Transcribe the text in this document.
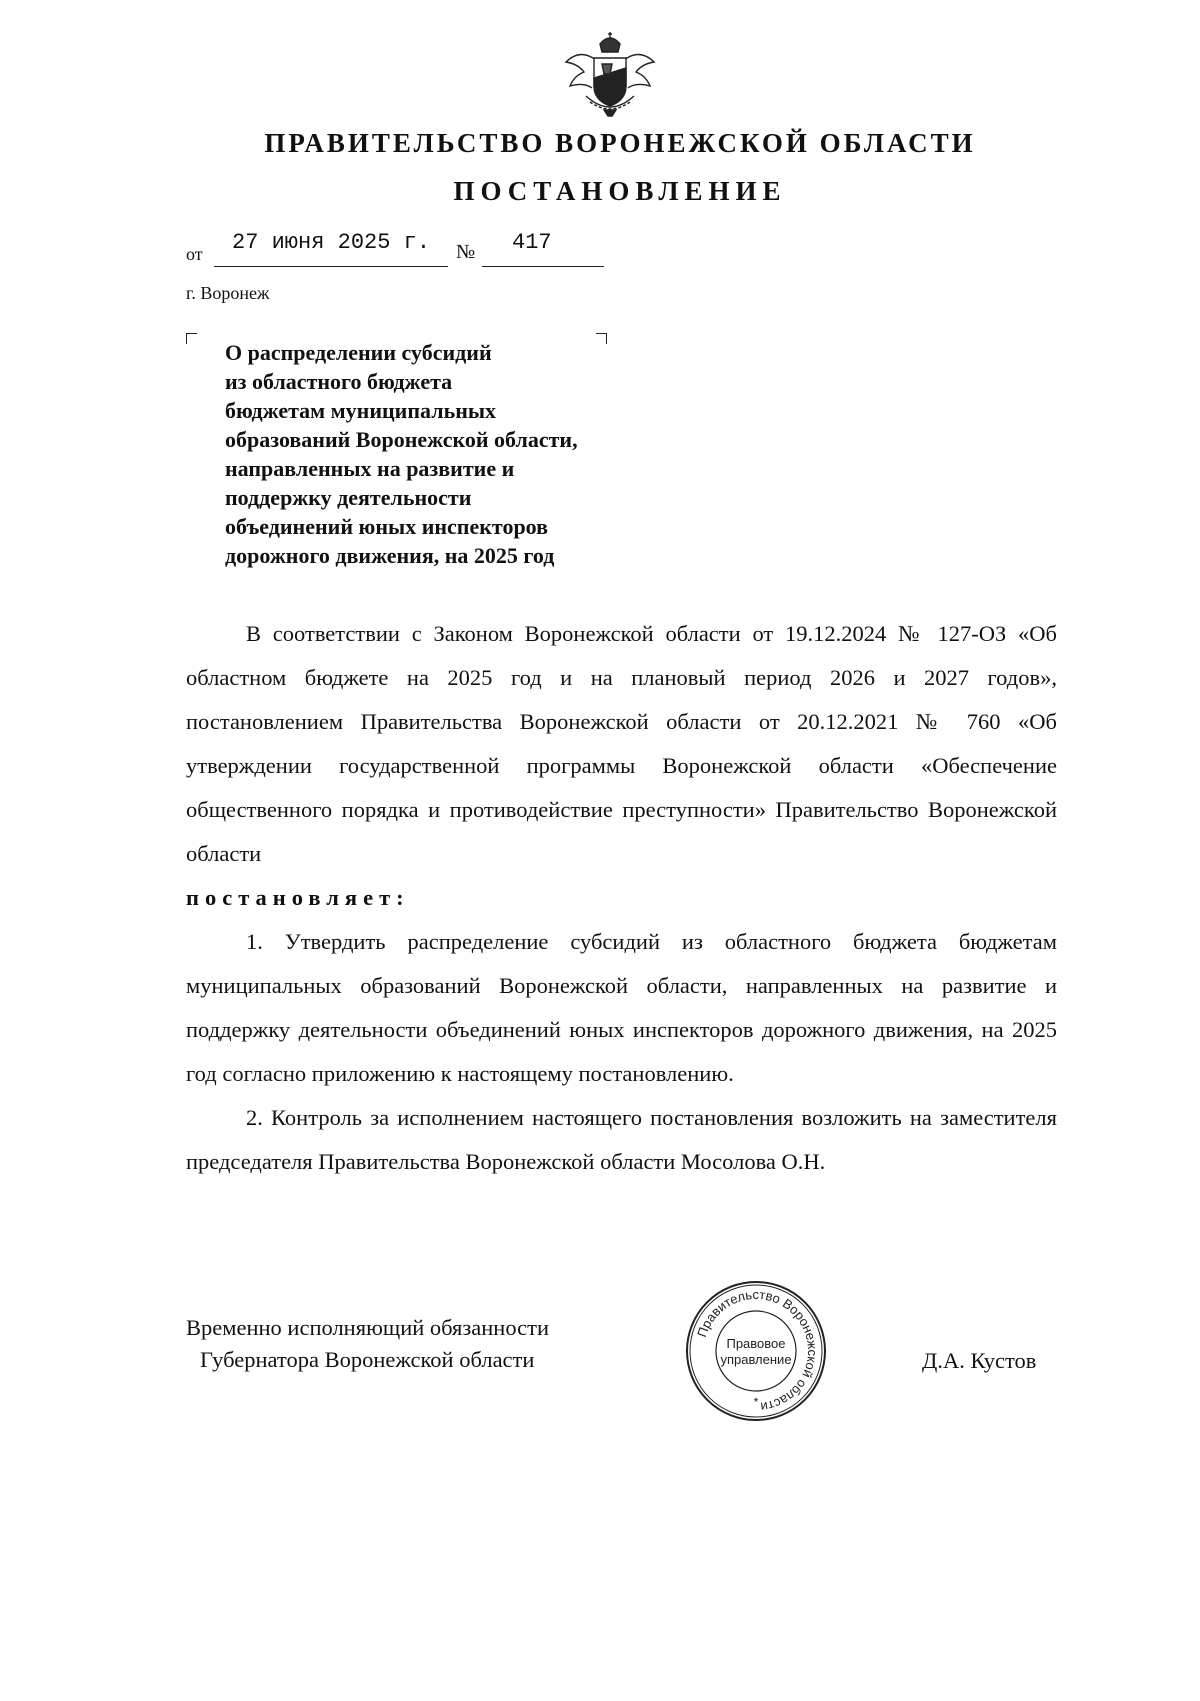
ПРАВИТЕЛЬСТВО ВОРОНЕЖСКОЙ ОБЛАСТИ
ПОСТАНОВЛЕНИЕ
от 27 июня 2025 г. № 417
г. Воронеж
О распределении субсидий
из областного бюджета
бюджетам муниципальных
образований Воронежской области,
направленных на развитие и
поддержку деятельности
объединений юных инспекторов
дорожного движения, на 2025 год

В соответствии с Законом Воронежской области от 19.12.2024 № 127-ОЗ «Об областном бюджете на 2025 год и на плановый период 2026 и 2027 годов», постановлением Правительства Воронежской области от 20.12.2021 № 760 «Об утверждении государственной программы Воронежской области «Обеспечение общественного порядка и противодействие преступности» Правительство Воронежской области

постановляет:

1. Утвердить распределение субсидий из областного бюджета бюджетам муниципальных образований Воронежской области, направленных на развитие и поддержку деятельности объединений юных инспекторов дорожного движения, на 2025 год согласно приложению к настоящему постановлению.

2. Контроль за исполнением настоящего постановления возложить на заместителя председателя Правительства Воронежской области Мосолова О.Н.

Временно исполняющий обязанности
Губернатора Воронежской области
Правительство Воронежской области
Правовое
управление
*
Д.А. Кустов
